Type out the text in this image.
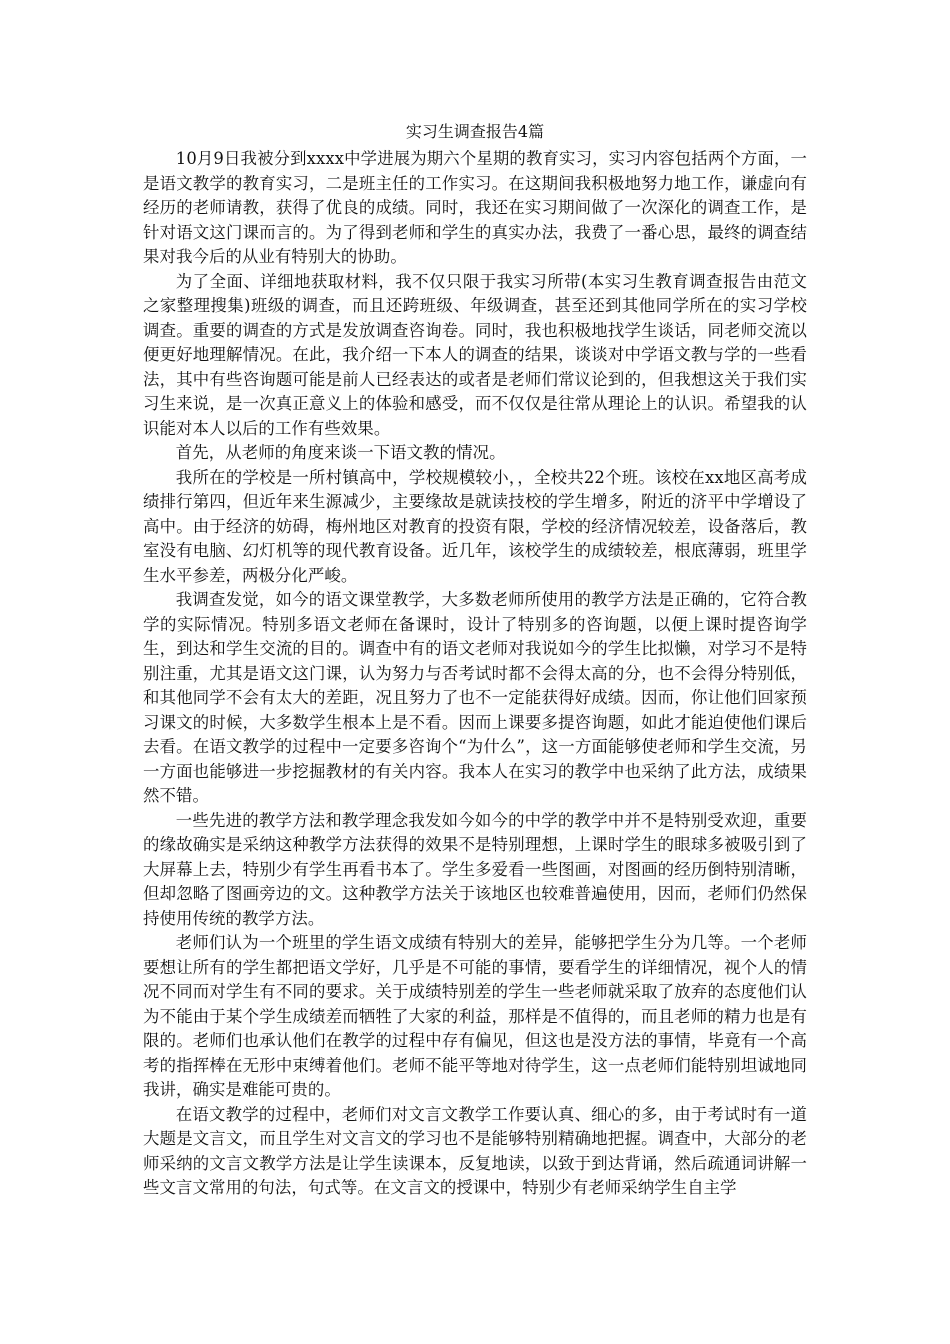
实习生调查报告4篇

10月9日我被分到xxxx中学进展为期六个星期的教育实习，实习内容包括两个方面，一是语文教学的教育实习，二是班主任的工作实习。在这期间我积极地努力地工作，谦虚向有经历的老师请教，获得了优良的成绩。同时，我还在实习期间做了一次深化的调查工作，是针对语文这门课而言的。为了得到老师和学生的真实办法，我费了一番心思，最终的调查结果对我今后的从业有特别大的协助。

为了全面、详细地获取材料，我不仅只限于我实习所带(本实习生教育调查报告由范文之家整理搜集)班级的调查，而且还跨班级、年级调查，甚至还到其他同学所在的实习学校调查。重要的调查的方式是发放调查咨询卷。同时，我也积极地找学生谈话，同老师交流以便更好地理解情况。在此，我介绍一下本人的调查的结果，谈谈对中学语文教与学的一些看法，其中有些咨询题可能是前人已经表达的或者是老师们常议论到的，但我想这关于我们实习生来说，是一次真正意义上的体验和感受，而不仅仅是往常从理论上的认识。希望我的认识能对本人以后的工作有些效果。

首先，从老师的角度来谈一下语文教的情况。

我所在的学校是一所村镇高中，学校规模较小，，全校共22个班。该校在xx地区高考成绩排行第四，但近年来生源减少，主要缘故是就读技校的学生增多，附近的济平中学增设了高中。由于经济的妨碍，梅州地区对教育的投资有限，学校的经济情况较差，设备落后，教室没有电脑、幻灯机等的现代教育设备。近几年，该校学生的成绩较差，根底薄弱，班里学生水平参差，两极分化严峻。

我调查发觉，如今的语文课堂教学，大多数老师所使用的教学方法是正确的，它符合教学的实际情况。特别多语文老师在备课时，设计了特别多的咨询题，以便上课时提咨询学生，到达和学生交流的目的。调查中有的语文老师对我说如今的学生比拟懒，对学习不是特别注重，尤其是语文这门课，认为努力与否考试时都不会得太高的分，也不会得分特别低，和其他同学不会有太大的差距，况且努力了也不一定能获得好成绩。因而，你让他们回家预习课文的时候，大多数学生根本上是不看。因而上课要多提咨询题，如此才能迫使他们课后去看。在语文教学的过程中一定要多咨询个“为什么”，这一方面能够使老师和学生交流，另一方面也能够进一步挖掘教材的有关内容。我本人在实习的教学中也采纳了此方法，成绩果然不错。

一些先进的教学方法和教学理念我发如今如今的中学的教学中并不是特别受欢迎，重要的缘故确实是采纳这种教学方法获得的效果不是特别理想，上课时学生的眼球多被吸引到了大屏幕上去，特别少有学生再看书本了。学生多爱看一些图画，对图画的经历倒特别清晰，但却忽略了图画旁边的文。这种教学方法关于该地区也较难普遍使用，因而，老师们仍然保持使用传统的教学方法。

老师们认为一个班里的学生语文成绩有特别大的差异，能够把学生分为几等。一个老师要想让所有的学生都把语文学好，几乎是不可能的事情，要看学生的详细情况，视个人的情况不同而对学生有不同的要求。关于成绩特别差的学生一些老师就采取了放弃的态度他们认为不能由于某个学生成绩差而牺牲了大家的利益，那样是不值得的，而且老师的精力也是有限的。老师们也承认他们在教学的过程中存有偏见，但这也是没方法的事情，毕竟有一个高考的指挥棒在无形中束缚着他们。老师不能平等地对待学生，这一点老师们能特别坦诚地同我讲，确实是难能可贵的。

在语文教学的过程中，老师们对文言文教学工作要认真、细心的多，由于考试时有一道大题是文言文，而且学生对文言文的学习也不是能够特别精确地把握。调查中，大部分的老师采纳的文言文教学方法是让学生读课本，反复地读，以致于到达背诵，然后疏通词讲解一些文言文常用的句法，句式等。在文言文的授课中，特别少有老师采纳学生自主学
